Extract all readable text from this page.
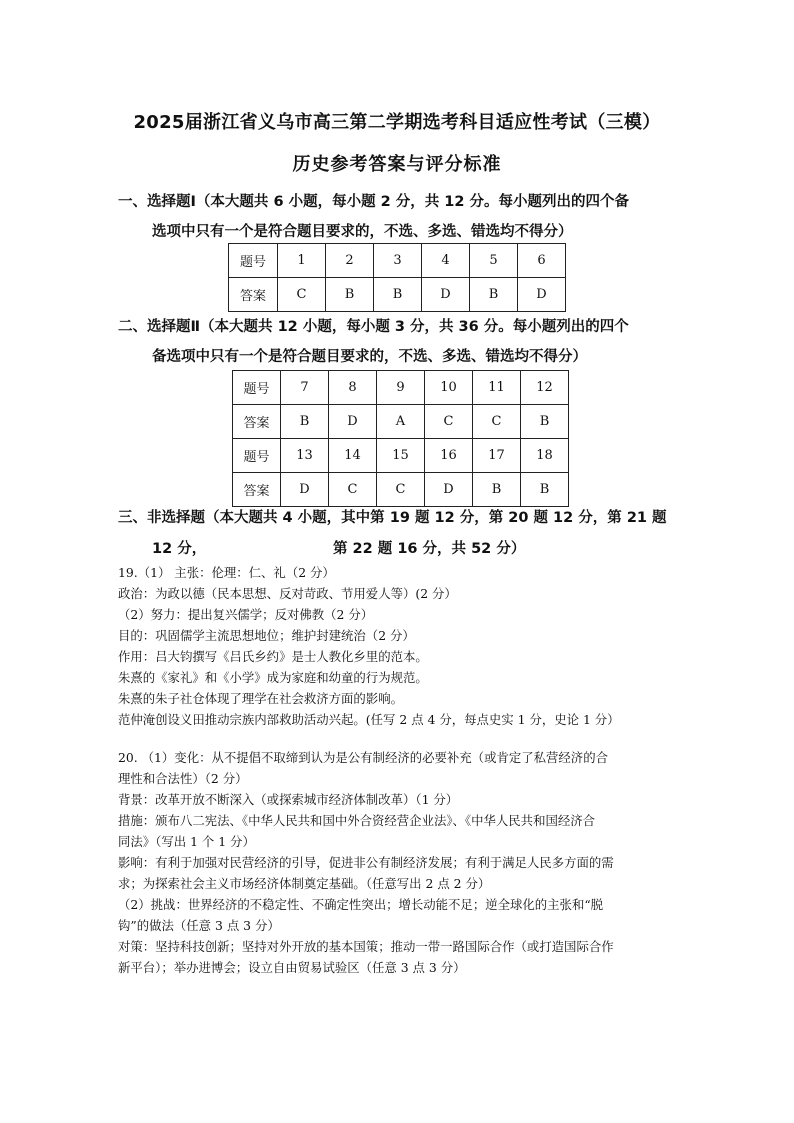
2025届浙江省义乌市高三第二学期选考科目适应性考试（三模）
历史参考答案与评分标准
一、选择题Ⅰ（本大题共 6 小题，每小题 2 分，共 12 分。每小题列出的四个备
选项中只有一个是符合题目要求的，不选、多选、错选均不得分）
题号	1	2	3	4	5	6
答案	C	B	B	D	B	D
二、选择题Ⅱ（本大题共 12 小题，每小题 3 分，共 36 分。每小题列出的四个
备选项中只有一个是符合题目要求的，不选、多选、错选均不得分）
题号	7	8	9	10	11	12
答案	B	D	A	C	C	B
题号	13	14	15	16	17	18
答案	D	C	C	D	B	B
三、非选择题（本大题共 4 小题，其中第 19 题 12 分，第 20 题 12 分，第 21 题
12 分，	第 22 题 16 分，共 52 分）

19.（1） 主张：伦理：仁、礼（2 分）

政治：为政以德（民本思想、反对苛政、节用爱人等）(2 分）

（2）努力：提出复兴儒学；反对佛教（2 分）

目的：巩固儒学主流思想地位；维护封建统治（2 分）

作用：吕大钧撰写《吕氏乡约》是士人教化乡里的范本。

朱熹的《家礼》和《小学》成为家庭和幼童的行为规范。

朱熹的朱子社仓体现了理学在社会救济方面的影响。

范仲淹创设义田推动宗族内部救助活动兴起。(任写 2 点 4 分，每点史实 1 分，史论 1 分）

20. （1）变化：从不提倡不取缔到认为是公有制经济的必要补充（或肯定了私营经济的合

理性和合法性）（2 分）

背景：改革开放不断深入（或探索城市经济体制改革）（1 分）

措施：颁布八二宪法、《中华人民共和国中外合资经营企业法》、《中华人民共和国经济合

同法》（写出 1 个 1 分）

影响：有利于加强对民营经济的引导，促进非公有制经济发展；有利于满足人民多方面的需

求；为探索社会主义市场经济体制奠定基础。（任意写出 2 点 2 分）

（2）挑战：世界经济的不稳定性、不确定性突出；增长动能不足；逆全球化的主张和“脱

钩”的做法（任意 3 点 3 分）

对策：坚持科技创新；坚持对外开放的基本国策；推动一带一路国际合作（或打造国际合作

新平台）；举办进博会；设立自由贸易试验区（任意 3 点 3 分）
